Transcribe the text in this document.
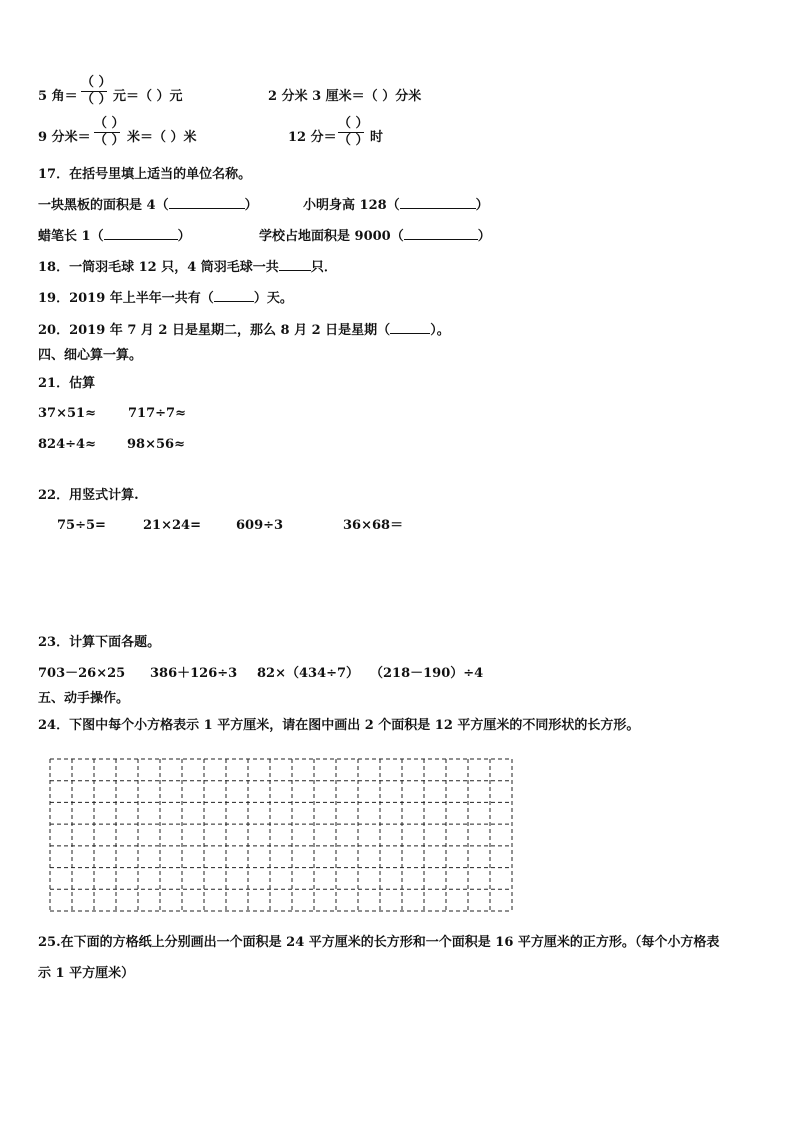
5 角＝
（ ）
（ ） 元＝（ ）元	2 分米 3 厘米＝（ ）分米
9 分米＝
（ ）
（ ） 米＝（ ）米	12 分＝
（ ）
（ ） 时
17．在括号里填上适当的单位名称。
一块黑板的面积是 4（	）	小明身高 128（	）
蜡笔长 1（	）	学校占地面积是 9000（	）
18．一筒羽毛球 12 只，4 筒羽毛球一共 只．
19．2019 年上半年一共有（	）天。
20．2019 年 7 月 2 日是星期二，那么 8 月 2 日是星期（	）。
四、细心算一算。
21．估算
37×51≈ 717÷7≈
824÷4≈ 98×56≈
22．用竖式计算.
75÷5=	21×24=	609÷3	36×68＝
23．计算下面各题。
703－26×25 386＋126÷3 82×（434÷7） （218－190）÷4
五、动手操作。
24．下图中每个小方格表示 1 平方厘米，请在图中画出 2 个面积是 12 平方厘米的不同形状的长方形。
25.在下面的方格纸上分别画出一个面积是 24 平方厘米的长方形和一个面积是 16 平方厘米的正方形。（每个小方格表
示 1 平方厘米）
